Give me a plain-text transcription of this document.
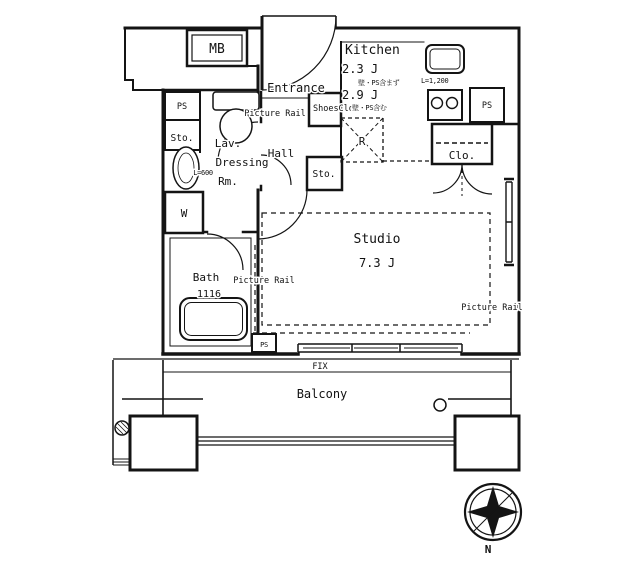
MB
Entrance
Picture Rail ShoesClo.
Kitchen
2.3 J
壁・PS含まず	L=1,200
2.9 J
壁・PS含む
PS	PS
PS
Sto.
Sto.
Lav.
Dressing
Rm.
L=600
W
Hall
R
Clo.
Studio
7.3 J
Picture Rail
Picture Rail
Bath
1116
FIX
Balcony
N
